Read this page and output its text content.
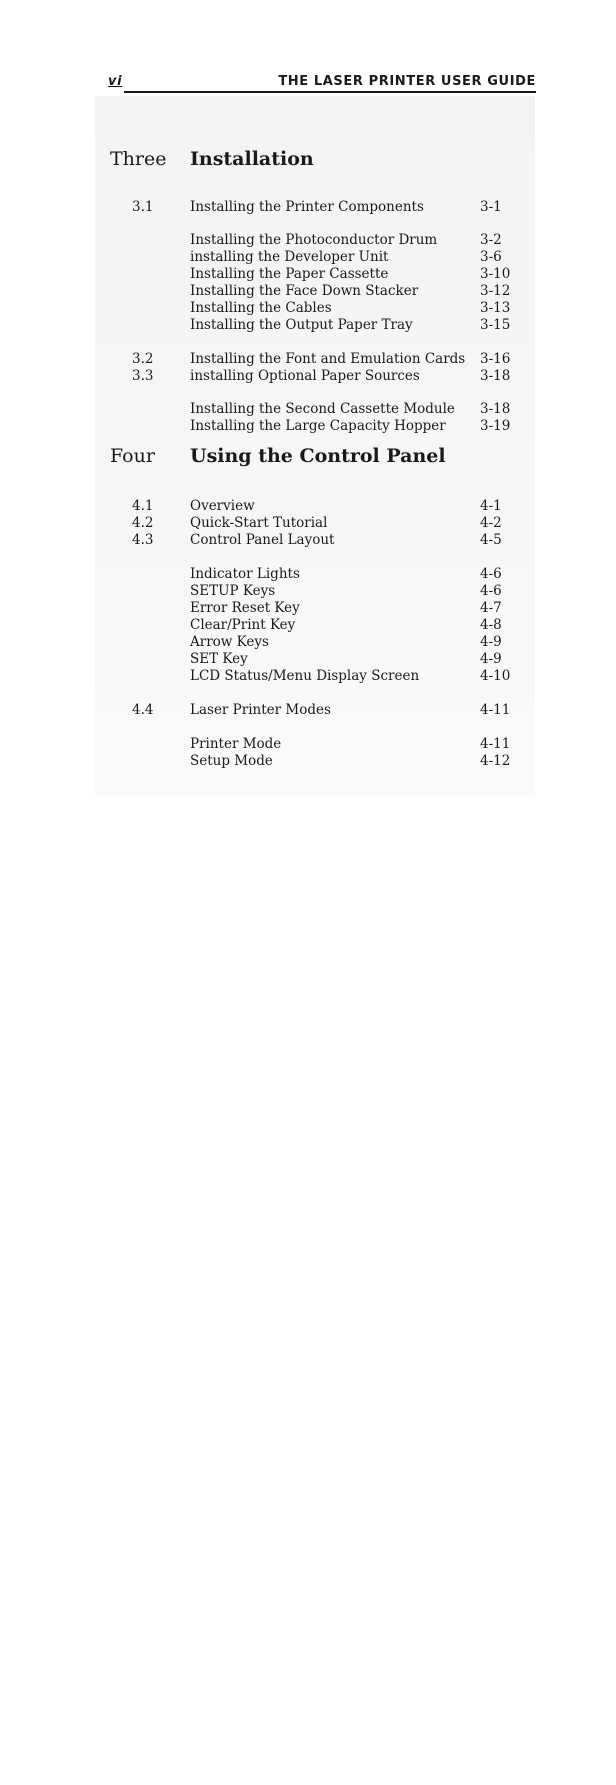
vi	THE LASER PRINTER USER GUIDE
Three Installation
3.1	Installing the Printer Components	3-1
Installing the Photoconductor Drum	3-2
installing the Developer Unit	3-6
Installing the Paper Cassette	3-10
Installing the Face Down Stacker	3-12
Installing the Cables	3-13
Installing the Output Paper Tray	3-15
3.2	Installing the Font and Emulation Cards 3-16
3.3	installing Optional Paper Sources	3-18
Installing the Second Cassette Module 3-18
Installing the Large Capacity Hopper	3-19
Four Using the Control Panel
4.1	Overview	4-1
4.2	Quick-Start Tutorial	4-2
4.3	Control Panel Layout	4-5
Indicator Lights	4-6
SETUP Keys	4-6
Error Reset Key	4-7
Clear/Print Key	4-8
Arrow Keys	4-9
SET Key	4-9
LCD Status/Menu Display Screen	4-10
4.4	Laser Printer Modes	4-11
Printer Mode	4-11
Setup Mode	4-12
